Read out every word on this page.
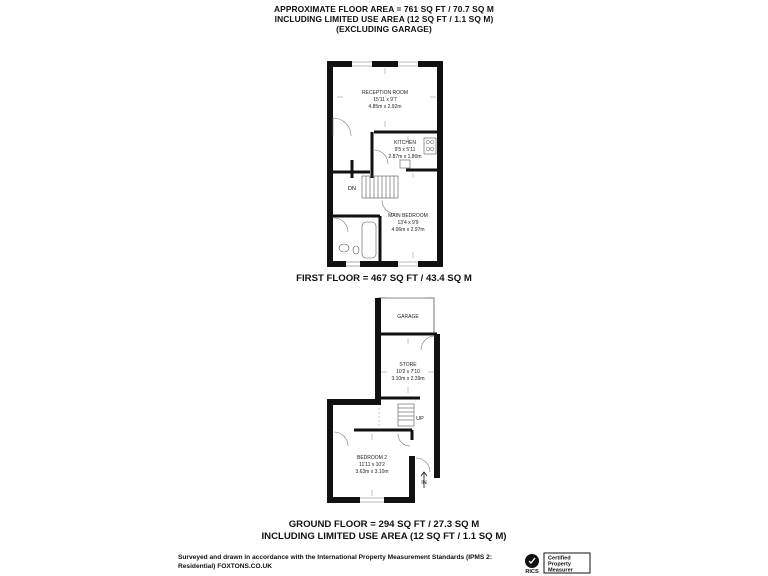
APPROXIMATE FLOOR AREA = 761 SQ FT / 70.7 SQ M
INCLUDING LIMITED USE AREA (12 SQ FT / 1.1 SQ M)
(EXCLUDING GARAGE)
DN
RECEPTION ROOM
15'11 x 9'7
4.85m x 2.92m
KITCHEN
9'5 x 5'11
2.87m x 1.80m
MAIN BEDROOM
13'4 x 9'9
4.06m x 2.97m
UP
IN
GARAGE
STORE
10'2 x 7'10
3.10m x 2.39m
BEDROOM 2
11'11 x 10'2
3.63m x 3.10m
FIRST FLOOR = 467 SQ FT / 43.4 SQ M
GROUND FLOOR = 294 SQ FT / 27.3 SQ M
INCLUDING LIMITED USE AREA (12 SQ FT / 1.1 SQ M)
Surveyed and drawn in accordance with the International Property Measurement Standards (IPMS 2: Residential) FOXTONS.CO.UK
RICS
Certified
Property
Measurer
